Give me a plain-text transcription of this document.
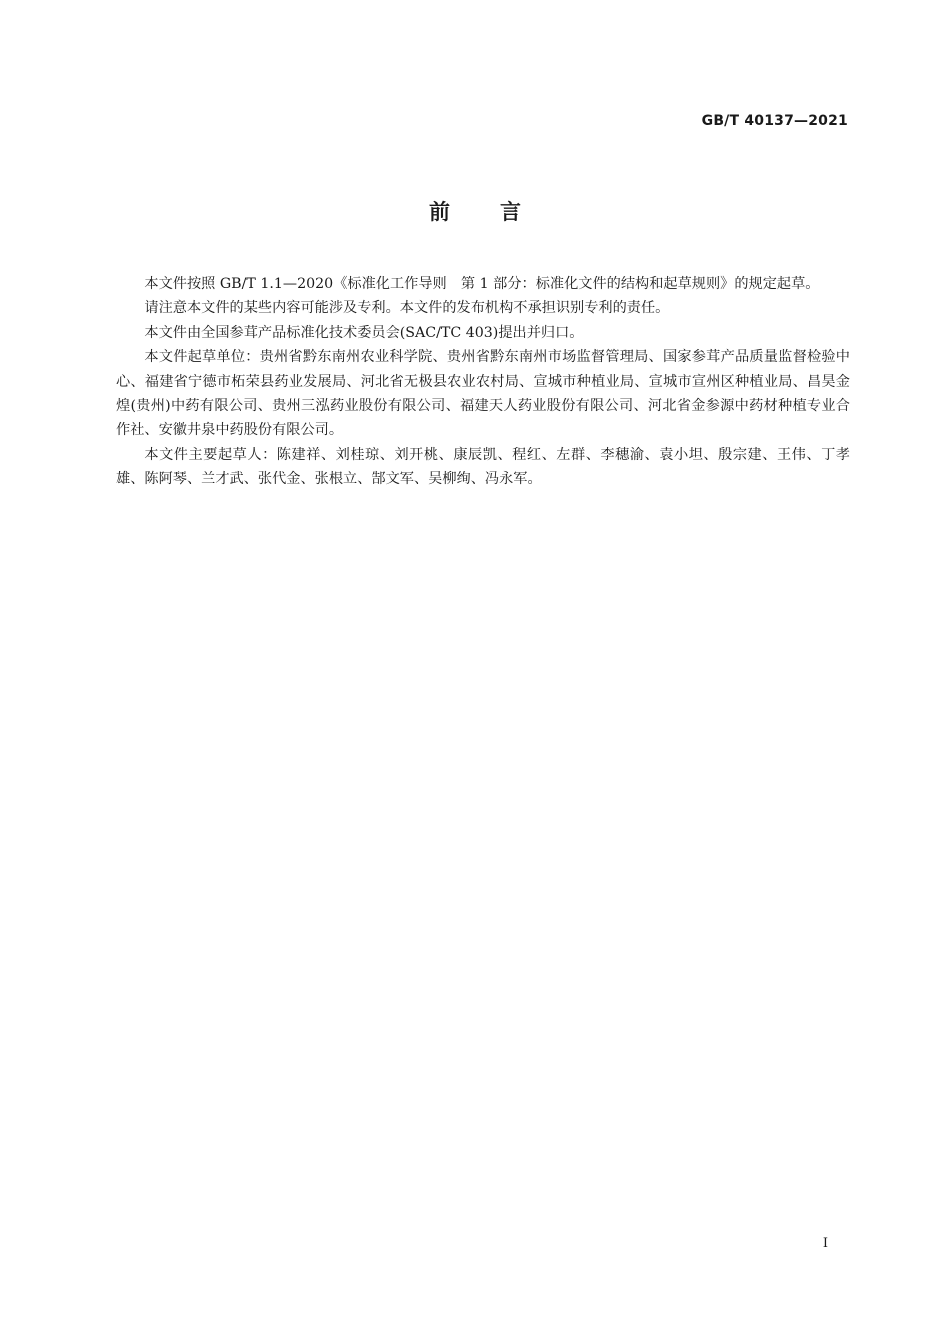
GB/T 40137—2021
前言

本文件按照 GB/T 1.1—2020《标准化工作导则　第 1 部分：标准化文件的结构和起草规则》的规定起草。

请注意本文件的某些内容可能涉及专利。本文件的发布机构不承担识别专利的责任。

本文件由全国参茸产品标准化技术委员会(SAC/TC 403)提出并归口。

本文件起草单位：贵州省黔东南州农业科学院、贵州省黔东南州市场监督管理局、国家参茸产品质量监督检验中心、福建省宁德市柘荣县药业发展局、河北省无极县农业农村局、宣城市种植业局、宣城市宣州区种植业局、昌昊金煌(贵州)中药有限公司、贵州三泓药业股份有限公司、福建天人药业股份有限公司、河北省金参源中药材种植专业合作社、安徽井泉中药股份有限公司。

本文件主要起草人：陈建祥、刘桂琼、刘开桃、康辰凯、程红、左群、李穗渝、袁小坦、殷宗建、王伟、丁孝雄、陈阿琴、兰才武、张代金、张根立、郜文军、吴柳绚、冯永军。

I
